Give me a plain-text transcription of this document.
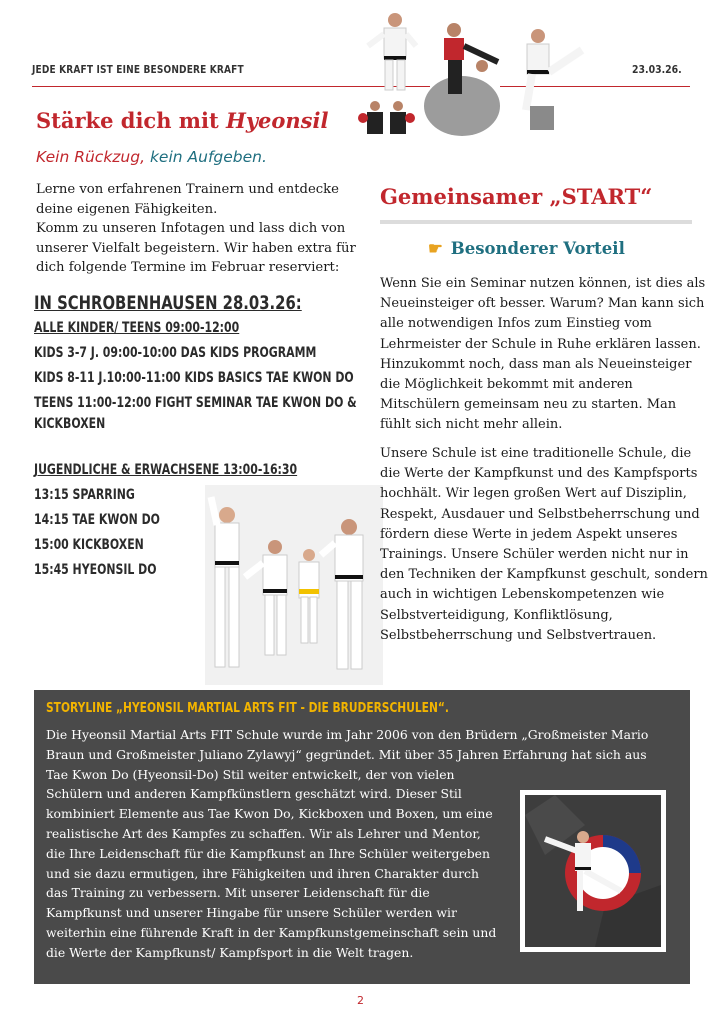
JEDE KRAFT IST EINE BESONDERE KRAFT	23.03.26.
Stärke dich mit Hyeonsil
Kein Rückzug, kein Aufgeben.

Lerne von erfahrenen Trainern und entdecke

deine eigenen Fähigkeiten.

Komm zu unseren Infotagen und lass dich von

unserer Vielfalt begeistern. Wir haben extra für

dich folgende Termine im Februar reserviert:

IN SCHROBENHAUSEN 28.03.26:
ALLE KINDER/ TEENS 09:00-12:00
KIDS 3-7 J. 09:00-10:00 DAS KIDS PROGRAMM
KIDS 8-11 J.10:00-11:00 KIDS BASICS TAE KWON DO
TEENS 11:00-12:00 FIGHT SEMINAR TAE KWON DO &
KICKBOXEN
JUGENDLICHE & ERWACHSENE 13:00-16:30
13:15 SPARRING
14:15 TAE KWON DO
15:00 KICKBOXEN
15:45 HYEONSIL DO
Gemeinsamer „START“
☛ Besonderer Vorteil

Wenn Sie ein Seminar nutzen können, ist dies als

Neueinsteiger oft besser. Warum? Man kann sich

alle notwendigen Infos zum Einstieg vom

Lehrmeister der Schule in Ruhe erklären lassen.

Hinzukommt noch, dass man als Neueinsteiger

die Möglichkeit bekommt mit anderen

Mitschülern gemeinsam neu zu starten. Man

fühlt sich nicht mehr allein.

Unsere Schule ist eine traditionelle Schule, die

die Werte der Kampfkunst und des Kampfsports

hochhält. Wir legen großen Wert auf Disziplin,

Respekt, Ausdauer und Selbstbeherrschung und

fördern diese Werte in jedem Aspekt unseres

Trainings. Unsere Schüler werden nicht nur in

den Techniken der Kampfkunst geschult, sondern

auch in wichtigen Lebenskompetenzen wie

Selbstverteidigung, Konfliktlösung,

Selbstbeherrschung und Selbstvertrauen.

STORYLINE „HYEONSIL MARTIAL ARTS FIT - DIE BRUDERSCHULEN“.

Die Hyeonsil Martial Arts FIT Schule wurde im Jahr 2006 von den Brüdern „Großmeister Mario

Braun und Großmeister Juliano Zylawyj“ gegründet. Mit über 35 Jahren Erfahrung hat sich aus

Tae Kwon Do (Hyeonsil-Do) Stil weiter entwickelt, der von vielen

Schülern und anderen Kampfkünstlern geschätzt wird. Dieser Stil

kombiniert Elemente aus Tae Kwon Do, Kickboxen und Boxen, um eine

realistische Art des Kampfes zu schaffen. Wir als Lehrer und Mentor,

die Ihre Leidenschaft für die Kampfkunst an Ihre Schüler weitergeben

und sie dazu ermutigen, ihre Fähigkeiten und ihren Charakter durch

das Training zu verbessern. Mit unserer Leidenschaft für die

Kampfkunst und unserer Hingabe für unsere Schüler werden wir

weiterhin eine führende Kraft in der Kampfkunstgemeinschaft sein und

die Werte der Kampfkunst/ Kampfsport in die Welt tragen.

2
